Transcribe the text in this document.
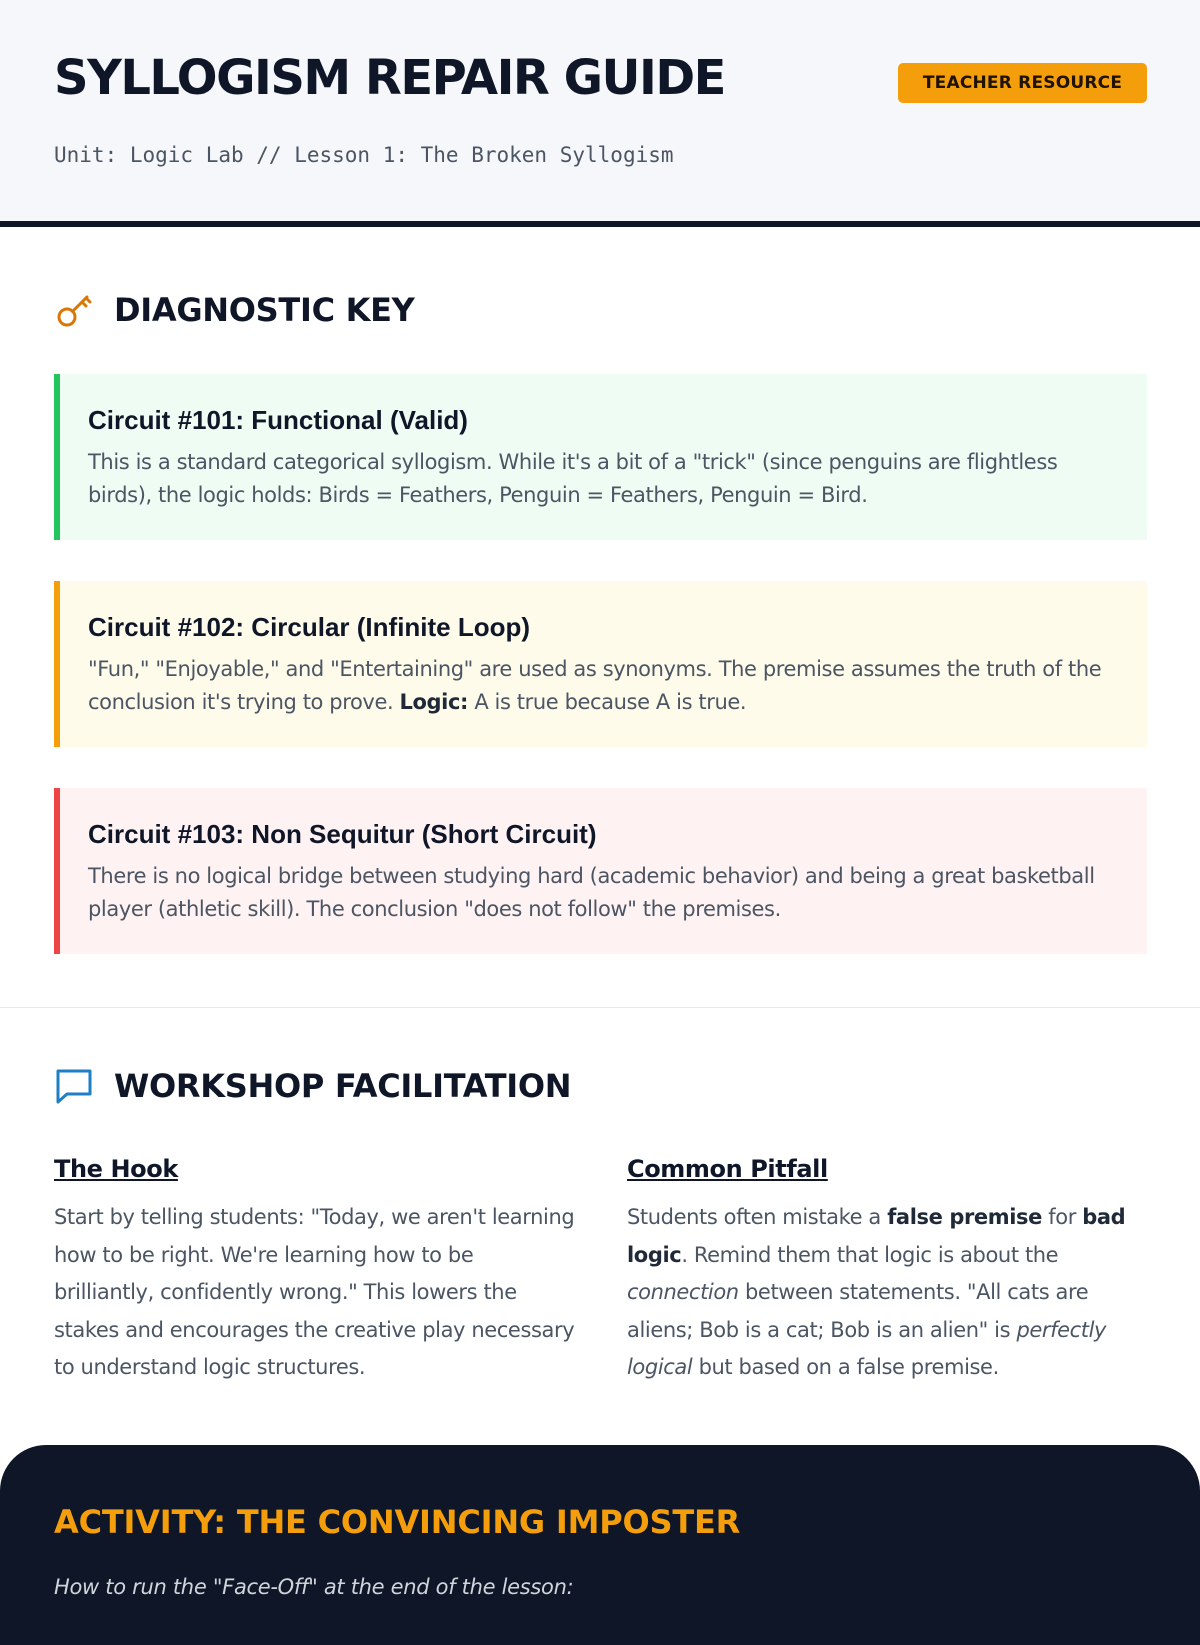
SYLLOGISM REPAIR GUIDE	TEACHER RESOURCE
Unit: Logic Lab // Lesson 1: The Broken Syllogism
DIAGNOSTIC KEY
Circuit #101: Functional (Valid)
This is a standard categorical syllogism. While it's a bit of a "trick" (since penguins are flightless birds), the logic holds: Birds = Feathers, Penguin = Feathers, Penguin = Bird.
Circuit #102: Circular (Infinite Loop)
"Fun," "Enjoyable," and "Entertaining" are used as synonyms. The premise assumes the truth of the conclusion it's trying to prove. Logic: A is true because A is true.
Circuit #103: Non Sequitur (Short Circuit)
There is no logical bridge between studying hard (academic behavior) and being a great basketball player (athletic skill). The conclusion "does not follow" the premises.
WORKSHOP FACILITATION
The Hook
Start by telling students: "Today, we aren't learning how to be right. We're learning how to be brilliantly, confidently wrong." This lowers the stakes and encourages the creative play necessary to understand logic structures.
Common Pitfall
Students often mistake a false premise for bad logic. Remind them that logic is about the connection between statements. "All cats are aliens; Bob is a cat; Bob is an alien" is perfectly logical but based on a false premise.
ACTIVITY: THE CONVINCING IMPOSTER
How to run the "Face-Off" at the end of the lesson:
